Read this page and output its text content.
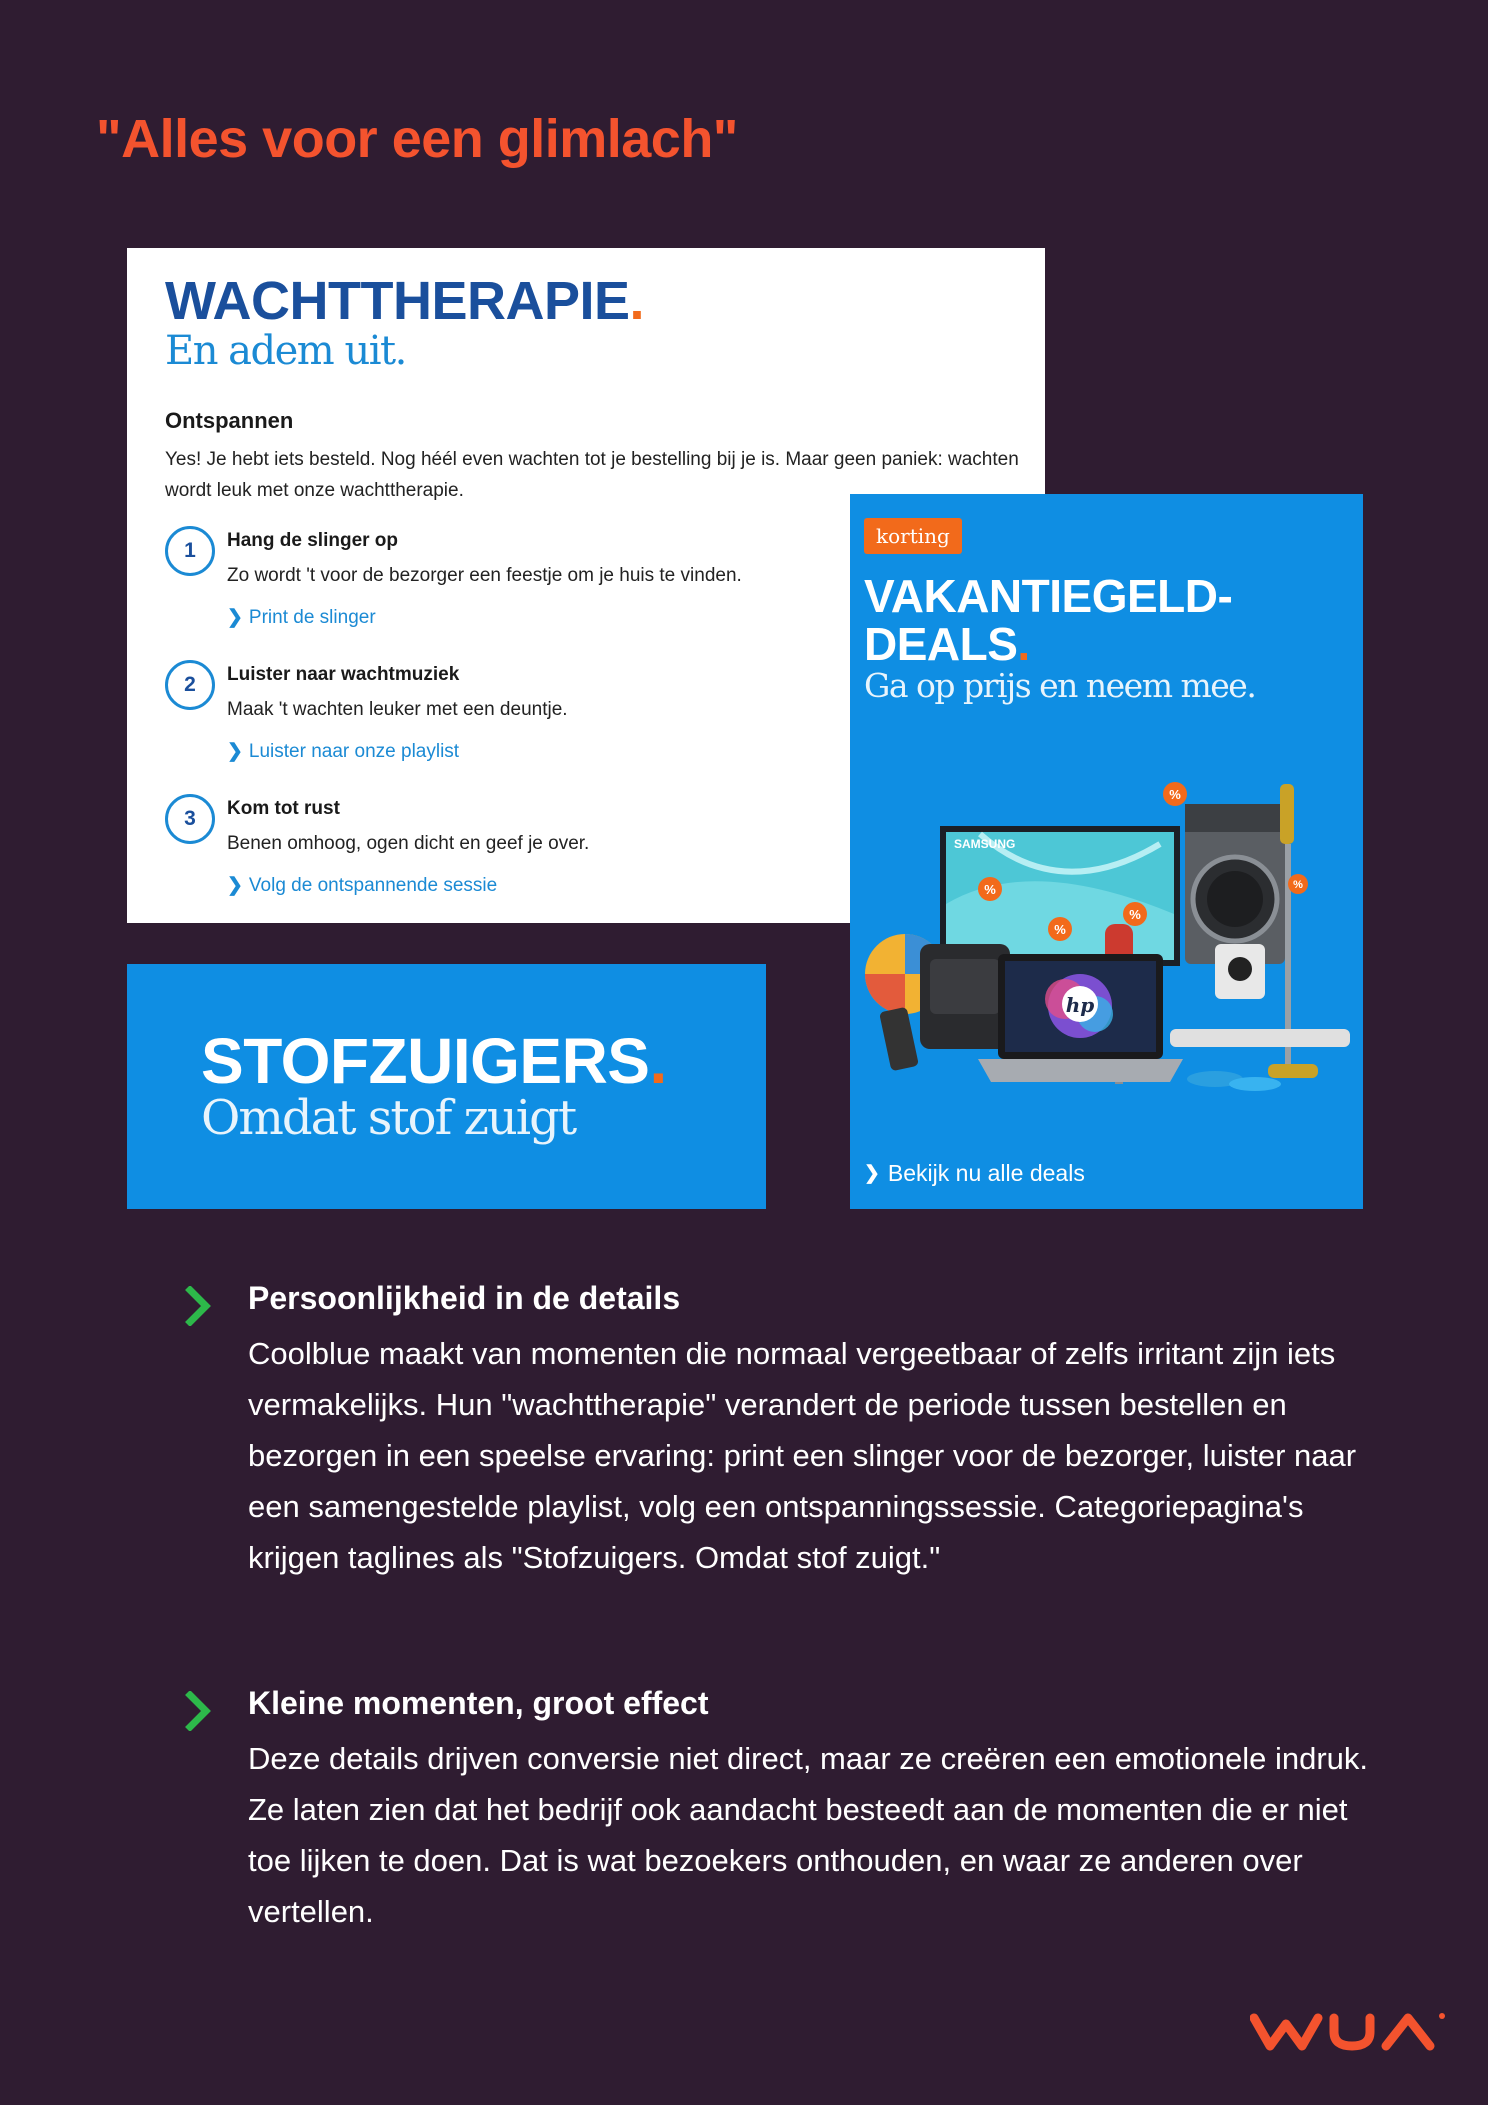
"Alles voor een glimlach"
WACHTTHERAPIE.
En adem uit.
Ontspannen
Yes! Je hebt iets besteld. Nog héél even wachten tot je bestelling bij je is. Maar geen paniek: wachten wordt leuk met onze wachttherapie.
1	Hang de slinger op
Zo wordt 't voor de bezorger een feestje om je huis te vinden.
❯ Print de slinger
2	Luister naar wachtmuziek
Maak 't wachten leuker met een deuntje.
❯ Luister naar onze playlist
3	Kom tot rust
Benen omhoog, ogen dicht en geef je over.
❯ Volg de ontspannende sessie
STOFZUIGERS.
Omdat stof zuigt
korting
VAKANTIEGELD-
DEALS.
Ga op prijs en neem mee.
SAMSUNG
hp
%
%
%
%
%
❯ Bekijk nu alle deals
Persoonlijkheid in de details
Coolblue maakt van momenten die normaal vergeetbaar of zelfs irritant zijn iets vermakelijks. Hun "wachttherapie" verandert de periode tussen bestellen en bezorgen in een speelse ervaring: print een slinger voor de bezorger, luister naar een samengestelde playlist, volg een ontspanningssessie. Categoriepagina's krijgen taglines als "Stofzuigers. Omdat stof zuigt."
Kleine momenten, groot effect
Deze details drijven conversie niet direct, maar ze creëren een emotionele indruk. Ze laten zien dat het bedrijf ook aandacht besteedt aan de momenten die er niet toe lijken te doen. Dat is wat bezoekers onthouden, en waar ze anderen over vertellen.
